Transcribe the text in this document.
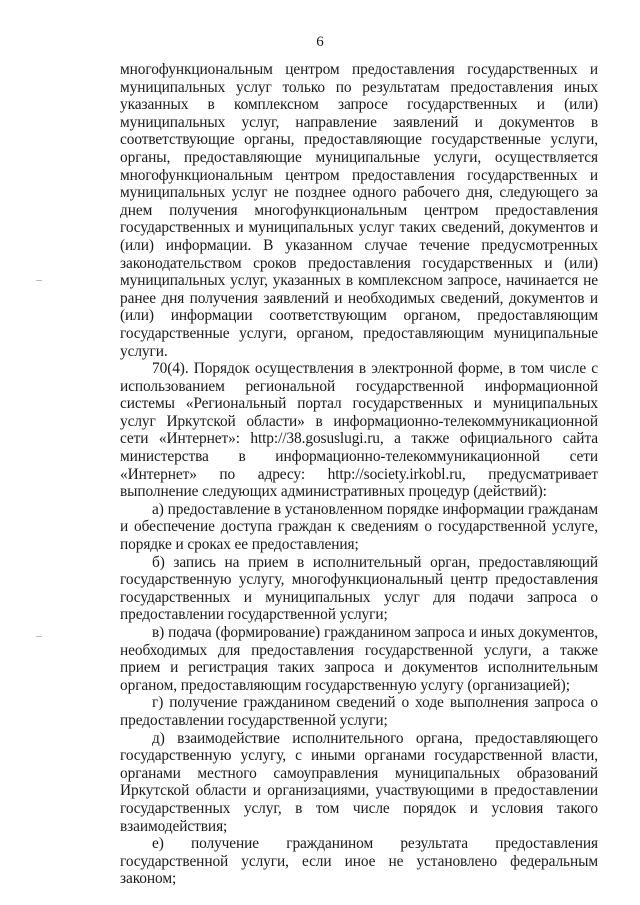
6

многофункциональным центром предоставления государственных и муниципальных услуг только по результатам предоставления иных указанных в комплексном запросе государственных и (или) муниципальных услуг, направление заявлений и документов в соответствующие органы, предоставляющие государственные услуги, органы, предоставляющие муниципальные услуги, осуществляется многофункциональным центром предоставления государственных и муниципальных услуг не позднее одного рабочего дня, следующего за днем получения многофункциональным центром предоставления государственных и муниципальных услуг таких сведений, документов и (или) информации. В указанном случае течение предусмотренных законодательством сроков предоставления государственных и (или) муниципальных услуг, указанных в комплексном запросе, начинается не ранее дня получения заявлений и необходимых сведений, документов и (или) информации соответствующим органом, предоставляющим государственные услуги, органом, предоставляющим муниципальные услуги.

70(4). Порядок осуществления в электронной форме, в том числе с использованием региональной государственной информационной системы «Региональный портал государственных и муниципальных услуг Иркутской области» в информационно-телекоммуникационной сети «Интернет»: http://38.gosuslugi.ru, а также официального сайта министерства в информационно-телекоммуникационной сети «Интернет» по адресу: http://society.irkobl.ru, предусматривает выполнение следующих административных процедур (действий):

а) предоставление в установленном порядке информации гражданам и обеспечение доступа граждан к сведениям о государственной услуге, порядке и сроках ее предоставления;

б) запись на прием в исполнительный орган, предоставляющий государственную услугу, многофункциональный центр предоставления государственных и муниципальных услуг для подачи запроса о предоставлении государственной услуги;

в) подача (формирование) гражданином запроса и иных документов, необходимых для предоставления государственной услуги, а также прием и регистрация таких запроса и документов исполнительным органом, предоставляющим государственную услугу (организацией);

г) получение гражданином сведений о ходе выполнения запроса о предоставлении государственной услуги;

д) взаимодействие исполнительного органа, предоставляющего государственную услугу, с иными органами государственной власти, органами местного самоуправления муниципальных образований Иркутской области и организациями, участвующими в предоставлении государственных услуг, в том числе порядок и условия такого взаимодействия;

е) получение гражданином результата предоставления государственной услуги, если иное не установлено федеральным законом;
